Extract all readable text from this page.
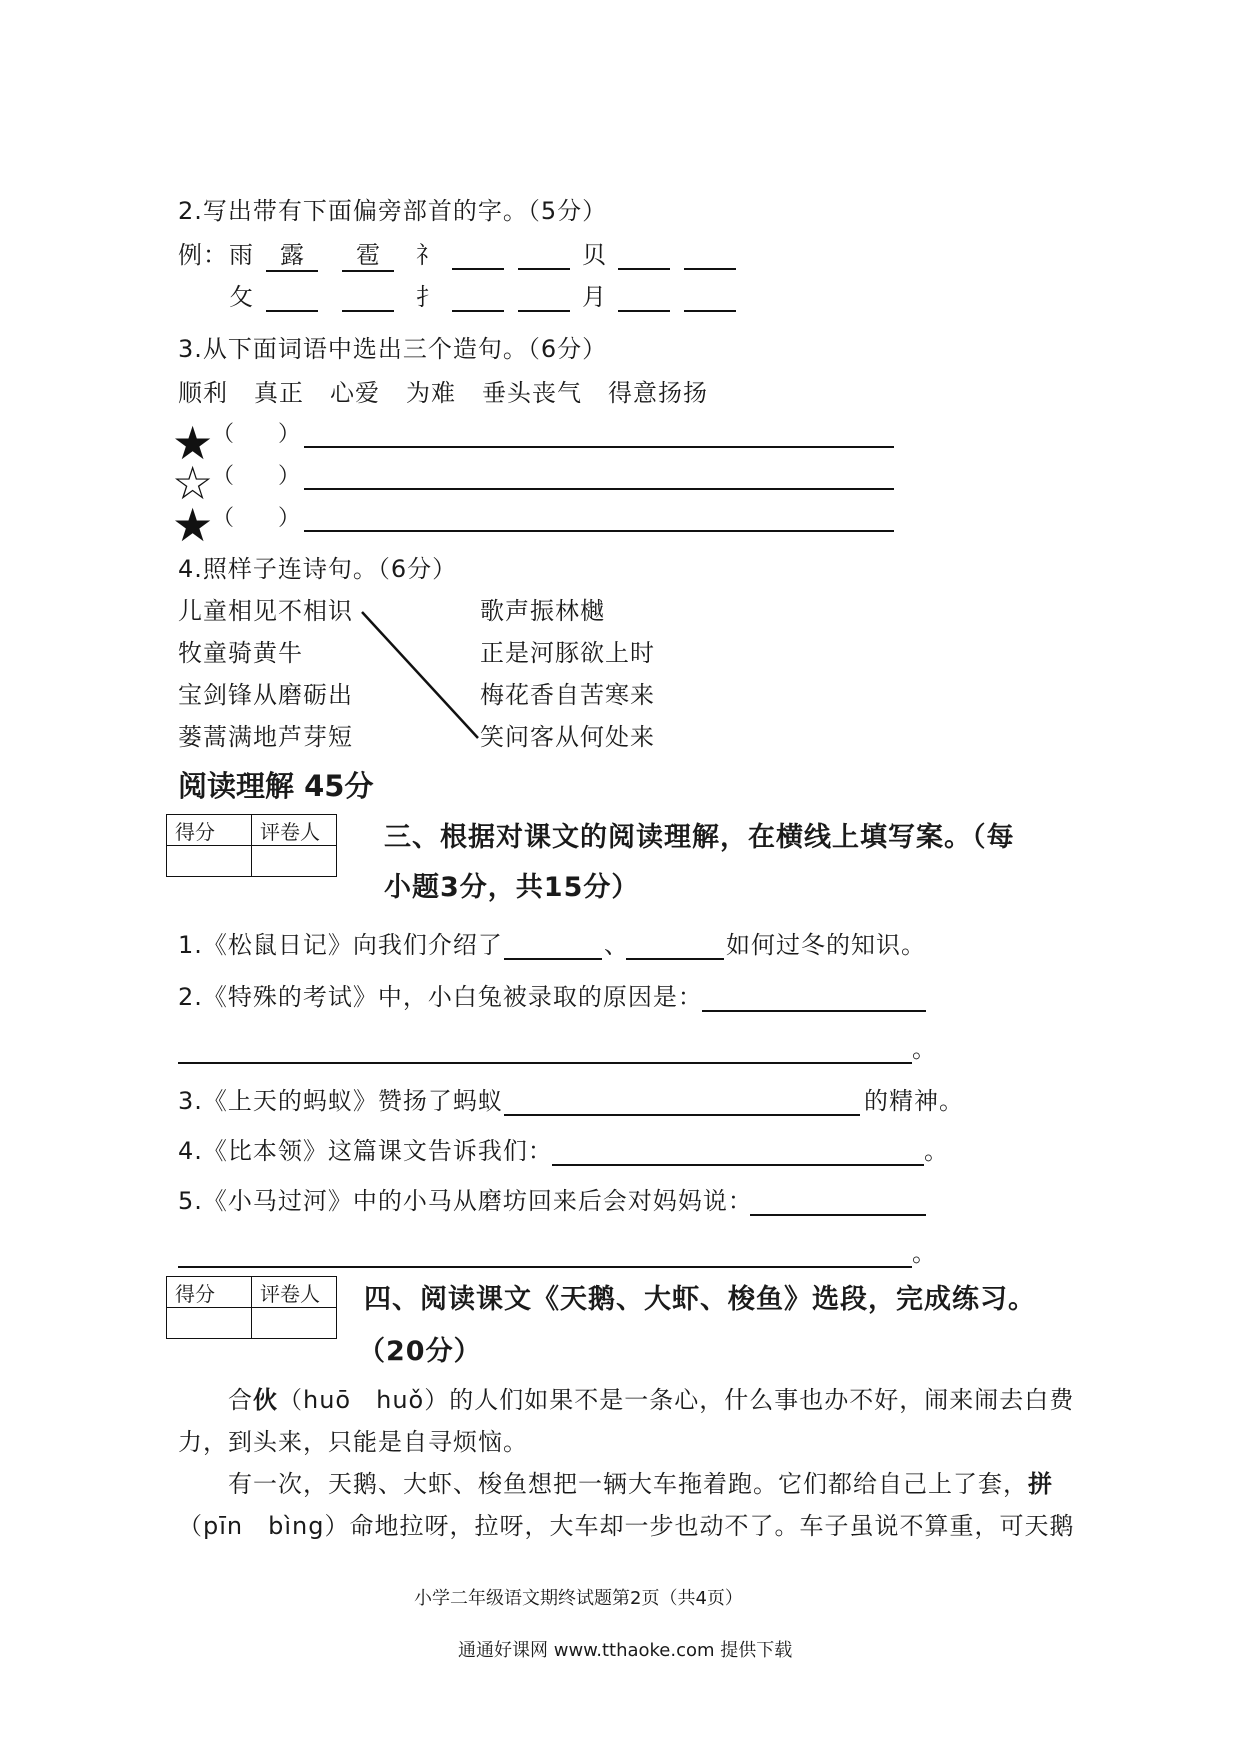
2.写出带有下面偏旁部首的字。（5分）
例： 雨	露	雹	礻	贝
攵	扌	月
3.从下面词语中选出三个造句。（6分）
顺利 真正 心爱 为难 垂头丧气 得意扬扬
★
（　　）
☆
（　　）
★
（　　）
4.照样子连诗句。（6分）
儿童相见不相识
牧童骑黄牛
宝剑锋从磨砺出
蒌蒿满地芦芽短
歌声振林樾
正是河豚欲上时
梅花香自苦寒来
笑问客从何处来
阅读理解 45分
得分	评卷人
	三、根据对课文的阅读理解，在横线上填写案。（每
小题3分，共15分）
1.《松鼠日记》向我们介绍了	、	如何过冬的知识。
2.《特殊的考试》中，小白兔被录取的原因是：
。
3.《上天的蚂蚁》赞扬了蚂蚁	的精神。
4.《比本领》这篇课文告诉我们：	。
5.《小马过河》中的小马从磨坊回来后会对妈妈说：
。
得分	评卷人
	四、阅读课文《天鹅、大虾、梭鱼》选段，完成练习。
（20分）
合伙（huō　huǒ）的人们如果不是一条心，什么事也办不好，闹来闹去白费
力，到头来，只能是自寻烦恼。
有一次，天鹅、大虾、梭鱼想把一辆大车拖着跑。它们都给自己上了套，拼
（pīn　bìng）命地拉呀，拉呀，大车却一步也动不了。车子虽说不算重，可天鹅
小学二年级语文期终试题第2页（共4页）
通通好课网 www.tthaoke.com 提供下载
